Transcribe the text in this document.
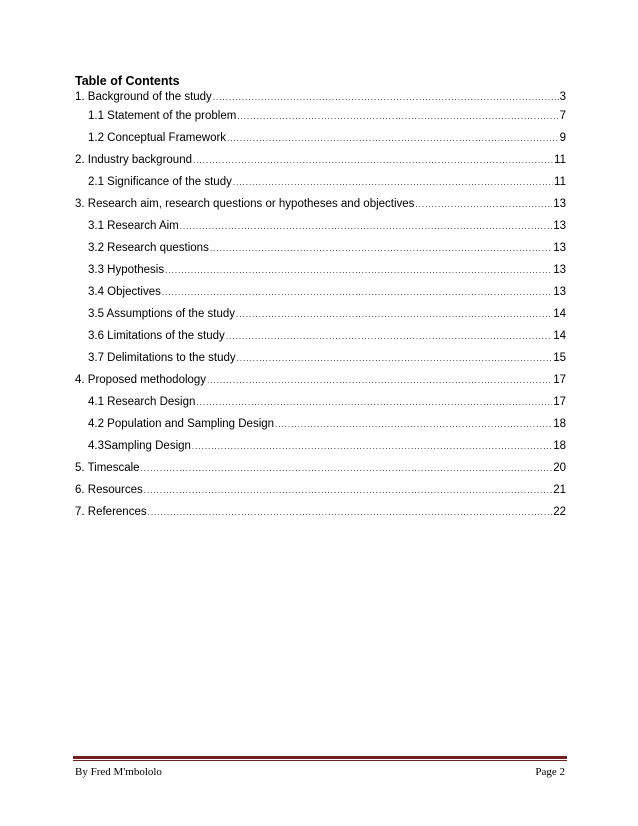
Table of Contents
1. Background of the study .....	3
1.1 Statement of the problem .....	7
1.2 Conceptual Framework .....	9
2. Industry background .....	11
2.1 Significance of the study .....	11
3. Research aim, research questions or hypotheses and objectives .....	13
3.1 Research Aim .....	13
3.2 Research questions .....	13
3.3 Hypothesis .....	13
3.4 Objectives .....	13
3.5 Assumptions of the study .....	14
3.6 Limitations of the study .....	14
3.7 Delimitations to the study .....	15
4. Proposed methodology .....	17
4.1 Research Design .....	17
4.2 Population and Sampling Design .....	18
4.3Sampling Design .....	18
5. Timescale .....	20
6. Resources .....	21
7. References .....	22
By Fred M'mbololo	Page 2
